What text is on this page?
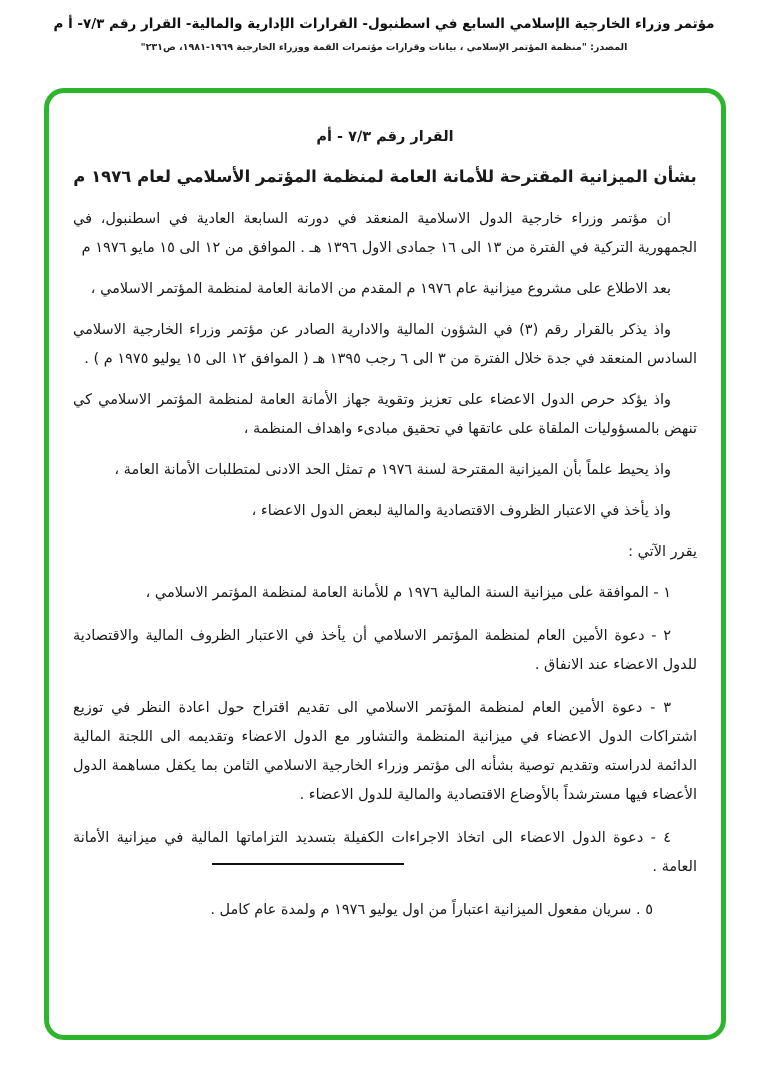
مؤتمر وزراء الخارجية الإسلامي السابع في اسطنبول- القرارات الإدارية والمالية- القرار رقم ٧/٣- أ م
المصدر: "منظمة المؤتمر الإسلامي ، بيانات وقرارات مؤتمرات القمة ووزراء الخارجية ١٩٦٩-١٩٨١، ص٢٣١"
القرار رقم ٧/٣ - أم
بشأن الميزانية المقترحة للأمانة العامة لمنظمة المؤتمر الأسلامي لعام ١٩٧٦ م

ان مؤتمر وزراء خارجية الدول الاسلامية المنعقد في دورته السابعة العادية في اسطنبول، في الجمهورية التركية في الفترة من ١٣ الى ١٦ جمادى الاول ١٣٩٦ هـ . الموافق من ١٢ الى ١٥ مايو ١٩٧٦ م

بعد الاطلاع على مشروع ميزانية عام ١٩٧٦ م المقدم من الامانة العامة لمنظمة المؤتمر الاسلامي ،

واذ يذكر بالقرار رقم (٣) في الشؤون المالية والادارية الصادر عن مؤتمر وزراء الخارجية الاسلامي السادس المنعقد في جدة خلال الفترة من ٣ الى ٦ رجب ١٣٩٥ هـ ( الموافق ١٢ الى ١٥ يوليو ١٩٧٥ م ) .

واذ يؤكد حرص الدول الاعضاء على تعزيز وتقوية جهاز الأمانة العامة لمنظمة المؤتمر الاسلامي كي تنهض بالمسؤوليات الملقاة على عاتقها في تحقيق مبادىء واهداف المنظمة ،

واذ يحيط علماً بأن الميزانية المقترحة لسنة ١٩٧٦ م تمثل الحد الادنى لمتطلبات الأمانة العامة ،

واذ يأخذ في الاعتبار الظروف الاقتصادية والمالية لبعض الدول الاعضاء ،

يقرر الآتي :

١ - الموافقة على ميزانية السنة المالية ١٩٧٦ م للأمانة العامة لمنظمة المؤتمر الاسلامي ،

٢ - دعوة الأمين العام لمنظمة المؤتمر الاسلامي أن يأخذ في الاعتبار الظروف المالية والاقتصادية للدول الاعضاء عند الانفاق .

٣ - دعوة الأمين العام لمنظمة المؤتمر الاسلامي الى تقديم اقتراح حول اعادة النظر في توزيع اشتراكات الدول الاعضاء في ميزانية المنظمة والتشاور مع الدول الاعضاء وتقديمه الى اللجنة المالية الدائمة لدراسته وتقديم توصية بشأنه الى مؤتمر وزراء الخارجية الاسلامي الثامن بما يكفل مساهمة الدول الأعضاء فيها مسترشداً بالأوضاع الاقتصادية والمالية للدول الاعضاء .

٤ - دعوة الدول الاعضاء الى اتخاذ الاجراءات الكفيلة بتسديد التزاماتها المالية في ميزانية الأمانة العامة .

٥ . سريان مفعول الميزانية اعتباراً من اول يوليو ١٩٧٦ م ولمدة عام كامل .
